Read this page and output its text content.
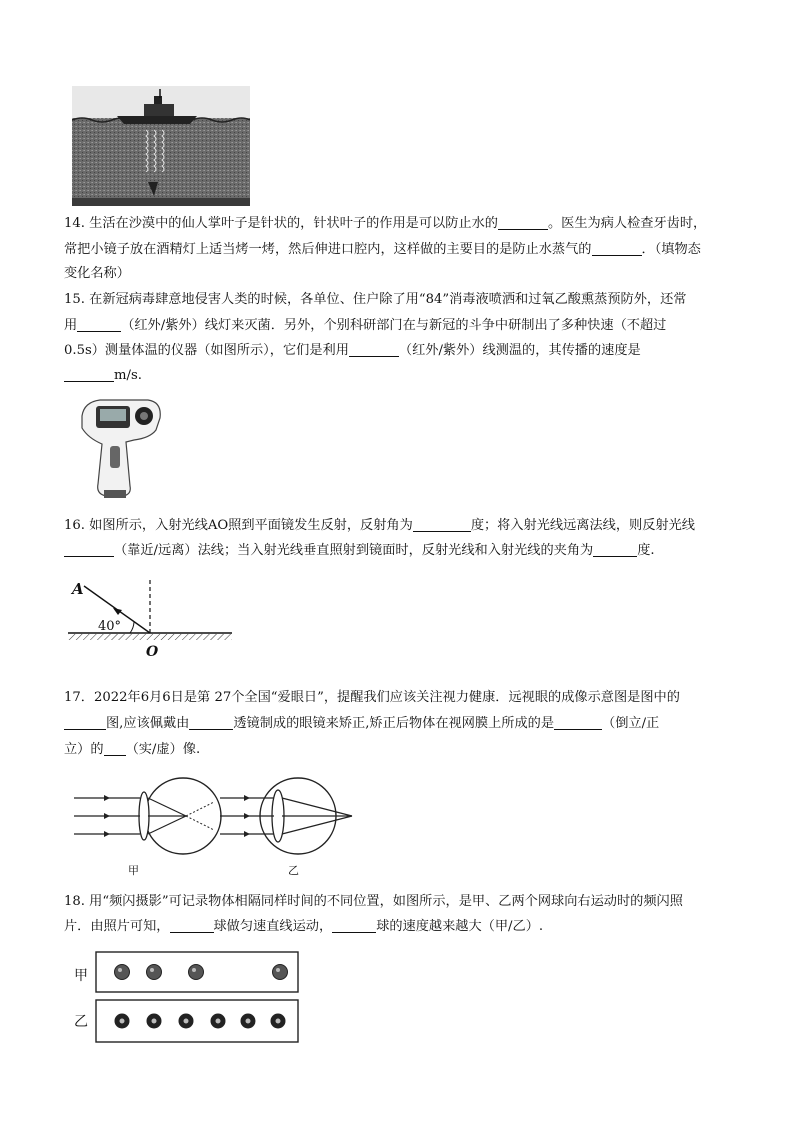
14. 生活在沙漠中的仙人掌叶子是针状的，针状叶子的作用是可以防止水的	。医生为病人检查牙齿时，
常把小镜子放在酒精灯上适当烤一烤，然后伸进口腔内，这样做的主要目的是防止水蒸气的	．（填物态
变化名称）
15. 在新冠病毒肆意地侵害人类的时候，各单位、住户除了用“84”消毒液喷洒和过氧乙酸熏蒸预防外，还常
用	（红外/紫外）线灯来灭菌．另外，个别科研部门在与新冠的斗争中研制出了多种快速（不超过
0.5s）测量体温的仪器（如图所示），它们是利用	（红外/紫外）线测温的，其传播的速度是
m/s.
16. 如图所示，入射光线AO照到平面镜发生反射，反射角为	度；将入射光线远离法线，则反射光线
（靠近/远离）法线；当入射光线垂直照射到镜面时，反射光线和入射光线的夹角为	度.
A
40°
O
17．2022年6月6日是第 27个全国“爱眼日”，提醒我们应该关注视力健康．远视眼的成像示意图是图中的
图,应该佩戴由	透镜制成的眼镜来矫正,矫正后物体在视网膜上所成的是	（倒立/正
立）的 （实/虚）像.
甲	乙
18. 用“频闪摄影”可记录物体相隔同样时间的不同位置，如图所示，是甲、乙两个网球向右运动时的频闪照
片．由照片可知，	球做匀速直线运动，	球的速度越来越大（甲/乙）.
甲
乙
